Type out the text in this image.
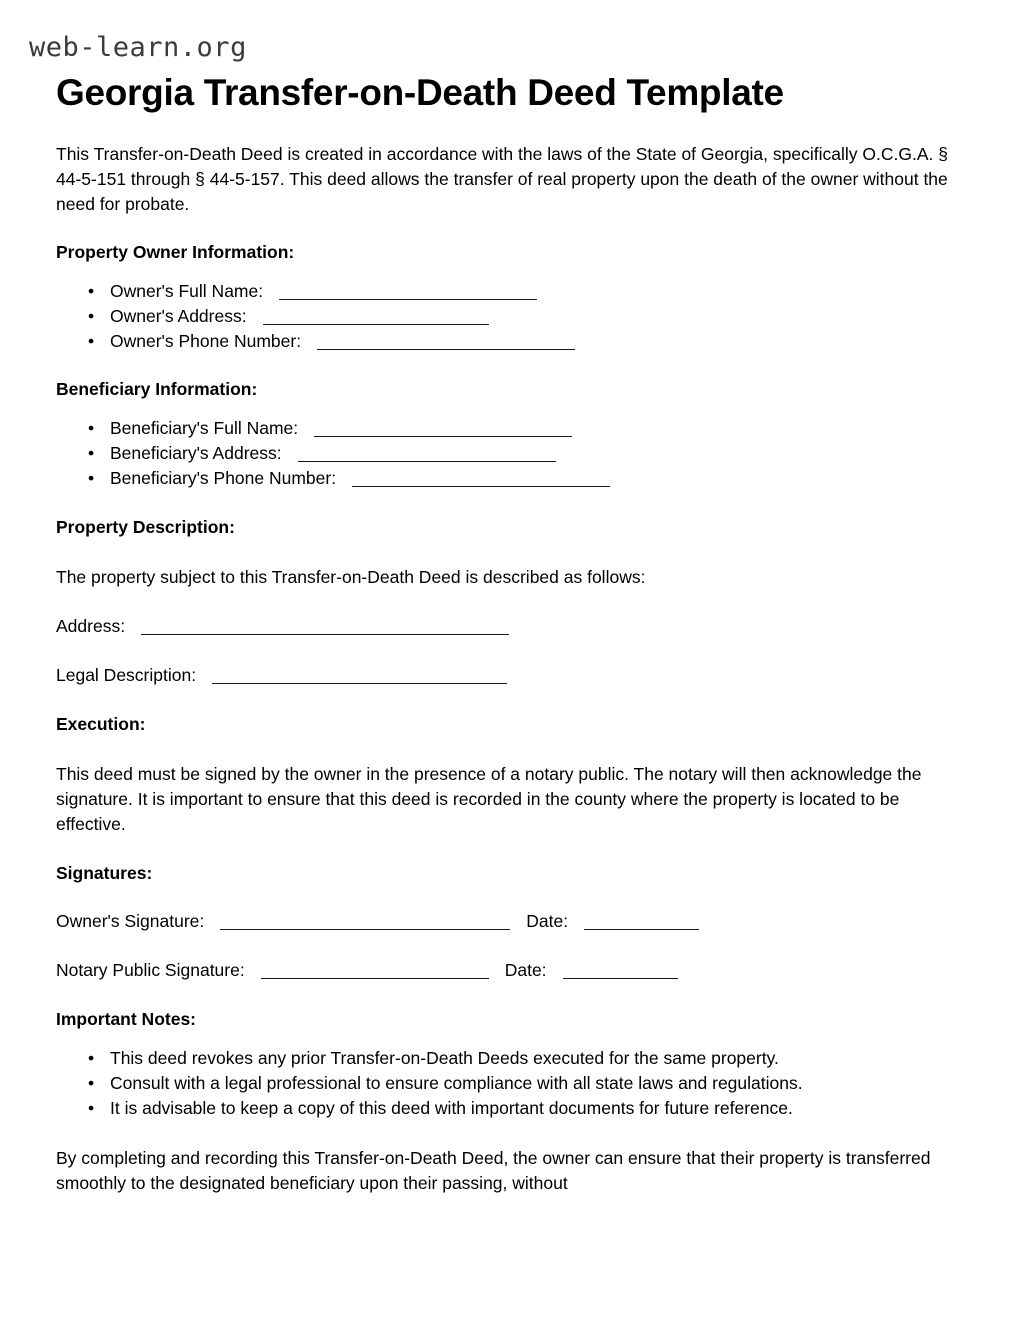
web-learn.org
Georgia Transfer-on-Death Deed Template

This Transfer-on-Death Deed is created in accordance with the laws of the State of Georgia, specifically O.C.G.A. § 44-5-151 through § 44-5-157. This deed allows the transfer of real property upon the death of the owner without the need for probate.

Property Owner Information:
• Owner's Full Name:
• Owner's Address:
• Owner's Phone Number:
Beneficiary Information:
• Beneficiary's Full Name:
• Beneficiary's Address:
• Beneficiary's Phone Number:
Property Description:

The property subject to this Transfer-on-Death Deed is described as follows:

Address:

Legal Description:

Execution:

This deed must be signed by the owner in the presence of a notary public. The notary will then acknowledge the signature. It is important to ensure that this deed is recorded in the county where the property is located to be effective.

Signatures:

Owner's Signature:	Date:

Notary Public Signature:	Date:

Important Notes:
• This deed revokes any prior Transfer-on-Death Deeds executed for the same property.
• Consult with a legal professional to ensure compliance with all state laws and regulations.
• It is advisable to keep a copy of this deed with important documents for future reference.

By completing and recording this Transfer-on-Death Deed, the owner can ensure that their property is transferred smoothly to the designated beneficiary upon their passing, without
